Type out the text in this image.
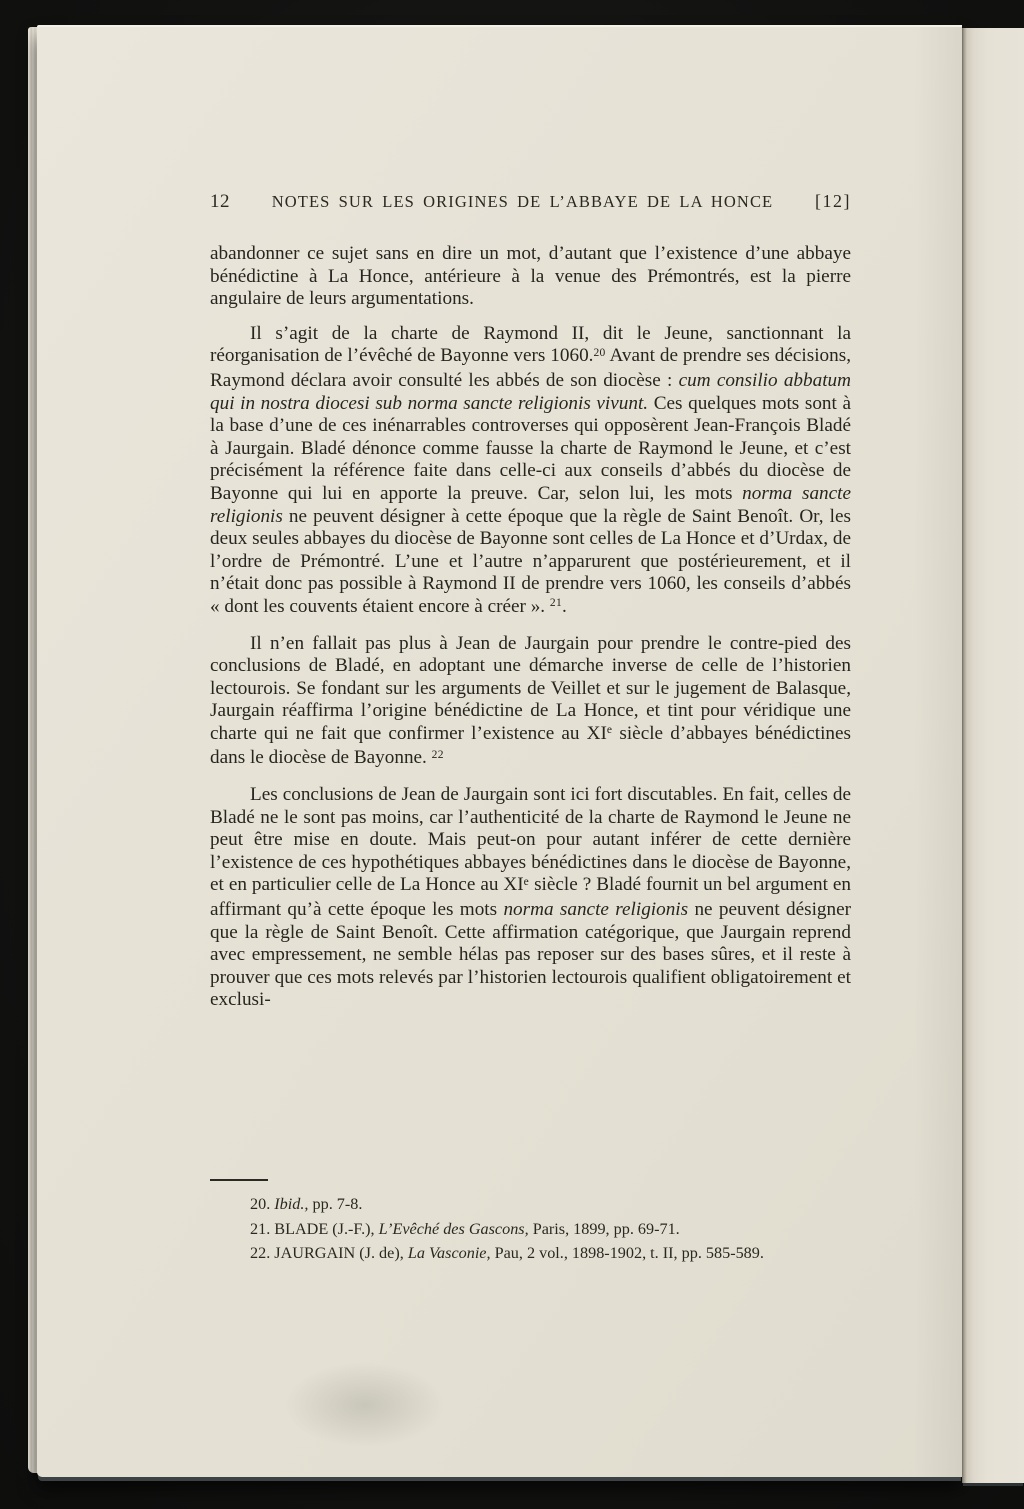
12	NOTES SUR LES ORIGINES DE L’ABBAYE DE LA HONCE [12]

abandonner ce sujet sans en dire un mot, d’autant que l’existence d’une abbaye bénédictine à La Honce, antérieure à la venue des Prémontrés, est la pierre angulaire de leurs argumentations.

Il s’agit de la charte de Raymond II, dit le Jeune, sanctionnant la réorganisation de l’évêché de Bayonne vers 1060.20 Avant de prendre ses décisions, Raymond déclara avoir consulté les abbés de son diocèse : cum consilio abbatum qui in nostra diocesi sub norma sancte religionis vivunt. Ces quelques mots sont à la base d’une de ces inénarrables controverses qui opposèrent Jean-François Bladé à Jaurgain. Bladé dénonce comme fausse la charte de Raymond le Jeune, et c’est précisément la référence faite dans celle-ci aux conseils d’abbés du diocèse de Bayonne qui lui en apporte la preuve. Car, selon lui, les mots norma sancte religionis ne peuvent désigner à cette époque que la règle de Saint Benoît. Or, les deux seules abbayes du diocèse de Bayonne sont celles de La Honce et d’Urdax, de l’ordre de Prémontré. L’une et l’autre n’apparurent que postérieurement, et il n’était donc pas possible à Raymond II de prendre vers 1060, les conseils d’abbés « dont les couvents étaient encore à créer ». $^{21}$.

Il n’en fallait pas plus à Jean de Jaurgain pour prendre le contre-pied des conclusions de Bladé, en adoptant une démarche inverse de celle de l’historien lectourois. Se fondant sur les arguments de Veillet et sur le jugement de Balasque, Jaurgain réaffirma l’origine bénédictine de La Honce, et tint pour véridique une charte qui ne fait que confirmer l’existence au XIe siècle d’abbayes bénédictines dans le diocèse de Bayonne. $^{22}$

Les conclusions de Jean de Jaurgain sont ici fort discutables. En fait, celles de Bladé ne le sont pas moins, car l’authenticité de la charte de Raymond le Jeune ne peut être mise en doute. Mais peut-on pour autant inférer de cette dernière l’existence de ces hypothétiques abbayes bénédictines dans le diocèse de Bayonne, et en particulier celle de La Honce au XIe siècle ? Bladé fournit un bel argument en affirmant qu’à cette époque les mots norma sancte religionis ne peuvent désigner que la règle de Saint Benoît. Cette affirmation catégorique, que Jaurgain reprend avec empressement, ne semble hélas pas reposer sur des bases sûres, et il reste à prouver que ces mots relevés par l’historien lectourois qualifient obligatoirement et exclusi-

20. Ibid., pp. 7-8.

21. BLADE (J.-F.), L’Evêché des Gascons, Paris, 1899, pp. 69-71.

22. JAURGAIN (J. de), La Vasconie, Pau, 2 vol., 1898-1902, t. II, pp. 585-589.
